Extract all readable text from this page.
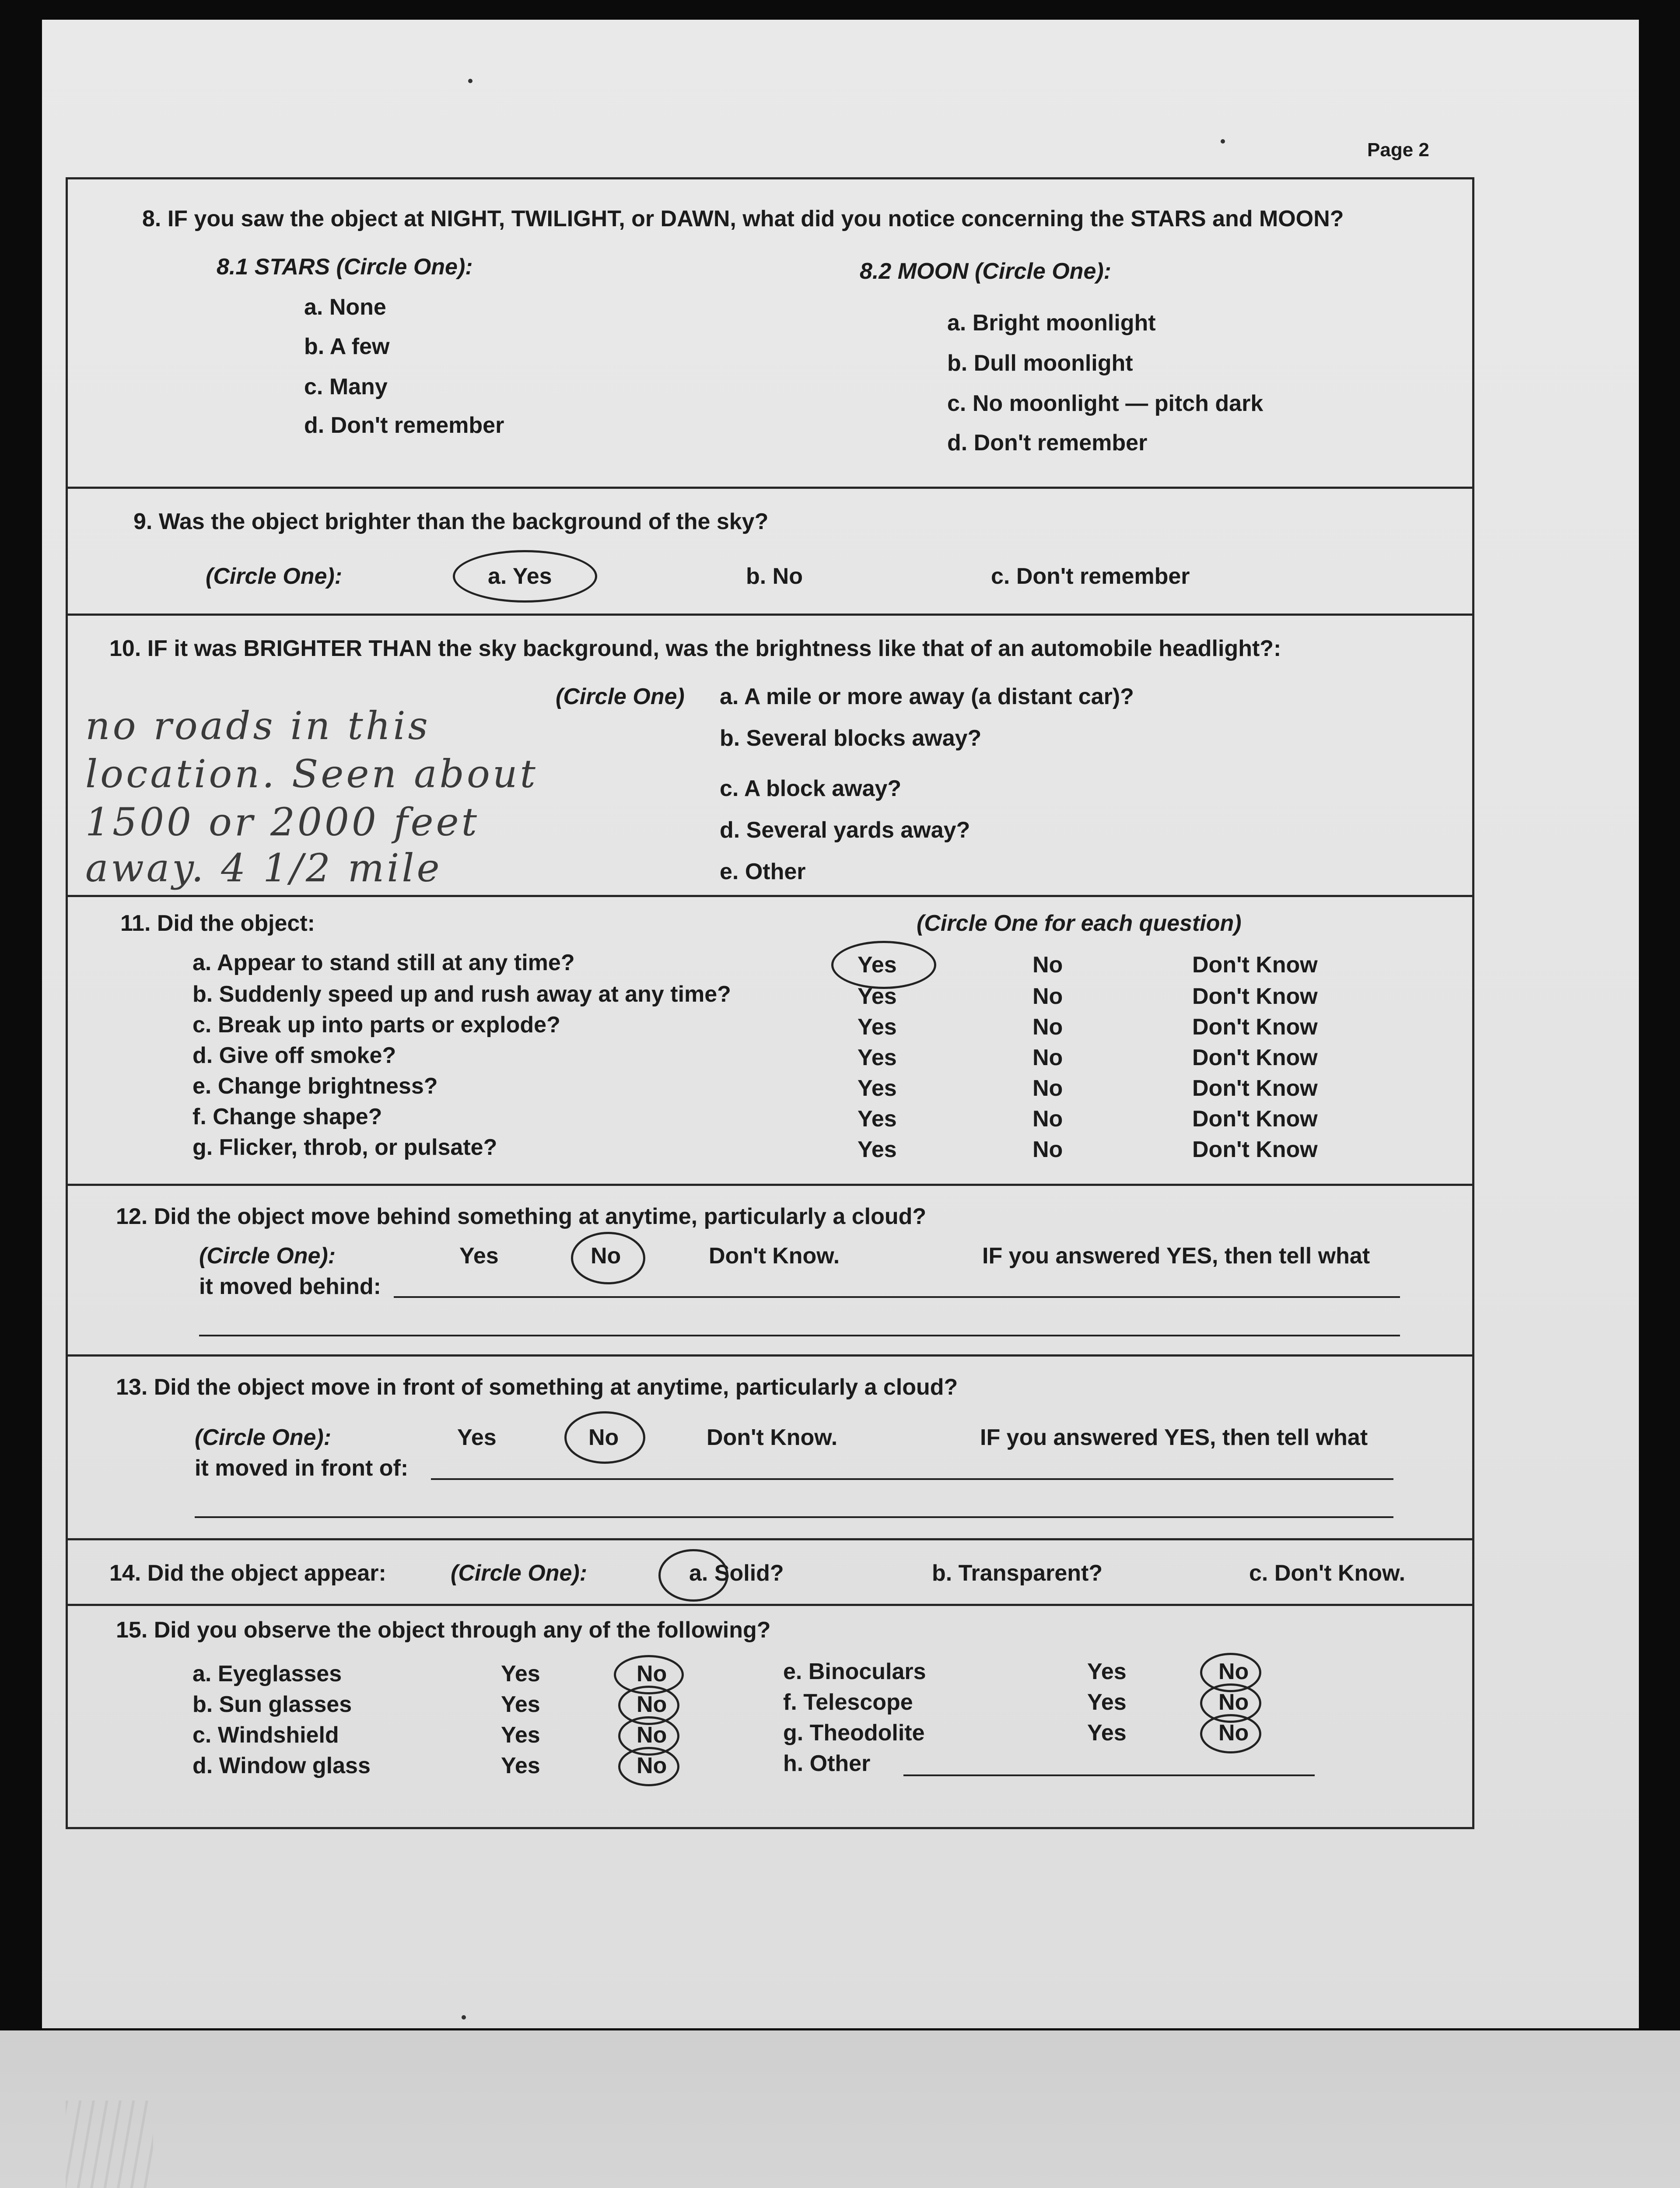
Page 2
8. IF you saw the object at NIGHT, TWILIGHT, or DAWN, what did you notice concerning the STARS and MOON?
8.1 STARS (Circle One):
a. None
b. A few
c. Many
d. Don't remember
8.2 MOON (Circle One):
a. Bright moonlight
b. Dull moonlight
c. No moonlight — pitch dark
d. Don't remember
9. Was the object brighter than the background of the sky?
(Circle One):	a. Yes	b. No	c. Don't remember
10. IF it was BRIGHTER THAN the sky background, was the brightness like that of an automobile headlight?:
(Circle One) a. A mile or more away (a distant car)?
b. Several blocks away?
c. A block away?
d. Several yards away?
e. Other
no roads in this
location. Seen about
1500 or 2000 feet
away. 4 1/2 mile
11. Did the object:	(Circle One for each question)
a. Appear to stand still at any time?	Yes	No	Don't Know
b. Suddenly speed up and rush away at any time?	Yes	No	Don't Know
c. Break up into parts or explode?	Yes	No	Don't Know
d. Give off smoke?	Yes	No	Don't Know
e. Change brightness?	Yes	No	Don't Know
f. Change shape?	Yes	No	Don't Know
g. Flicker, throb, or pulsate?	Yes	No	Don't Know
12. Did the object move behind something at anytime, particularly a cloud?
(Circle One):	Yes	No	Don't Know.	IF you answered YES, then tell what
it moved behind:
13. Did the object move in front of something at anytime, particularly a cloud?
(Circle One):	Yes	No	Don't Know.	IF you answered YES, then tell what
it moved in front of:
14. Did the object appear:	(Circle One):	a. Solid?	b. Transparent?	c. Don't Know.
15. Did you observe the object through any of the following?
a. Eyeglasses	Yes	No
b. Sun glasses	Yes	No
c. Windshield	Yes	No
d. Window glass	Yes	No
e. Binoculars	Yes	No
f. Telescope	Yes	No
g. Theodolite	Yes	No
h. Other
